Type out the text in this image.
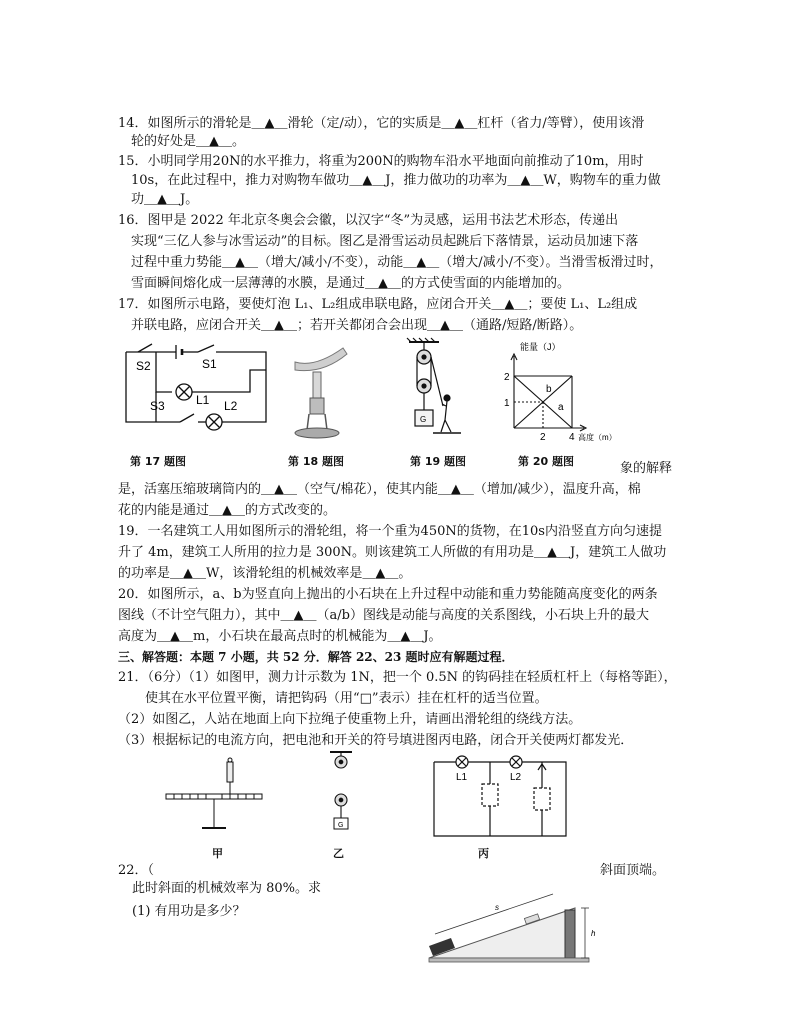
14．如图所示的滑轮是＿▲＿滑轮（定/动），它的实质是＿▲＿杠杆（省力/等臂），使用该滑
轮的好处是＿▲＿。
15．小明同学用20N的水平推力，将重为200N的购物车沿水平地面向前推动了10m，用时
10s，在此过程中，推力对购物车做功＿▲＿J，推力做功的功率为＿▲＿W，购物车的重力做
功＿▲＿J。
16．图甲是 2022 年北京冬奥会会徽，以汉字“冬”为灵感，运用书法艺术形态，传递出
实现“三亿人参与冰雪运动”的目标。图乙是滑雪运动员起跳后下落情景，运动员加速下落
过程中重力势能＿▲＿（增大/减小/不变），动能＿▲＿（增大/减小/不变）。当滑雪板滑过时，
雪面瞬间熔化成一层薄薄的水膜，是通过＿▲＿的方式使雪面的内能增加的。
17．如图所示电路，要使灯泡 L₁、L₂组成串联电路，应闭合开关＿▲＿；要使 L₁、L₂组成
并联电路，应闭合开关＿▲＿；若开关都闭合会出现＿▲＿（通路/短路/断路）。
S2	S1
S3	L1 L2
G
能量（J）
2
1
2 4 高度（m）
b
a
第 17 题图	第 18 题图	第 19 题图	第 20 题图	象的解释
是，活塞压缩玻璃筒内的＿▲＿（空气/棉花），使其内能＿▲＿（增加/减少），温度升高，棉
花的内能是通过＿▲＿的方式改变的。
19．一名建筑工人用如图所示的滑轮组，将一个重为450N的货物，在10s内沿竖直方向匀速提
升了 4m，建筑工人所用的拉力是 300N。则该建筑工人所做的有用功是＿▲＿J，建筑工人做功
的功率是＿▲＿W，该滑轮组的机械效率是＿▲＿。
20．如图所示，a、b为竖直向上抛出的小石块在上升过程中动能和重力势能随高度变化的两条
图线（不计空气阻力），其中＿▲＿（a/b）图线是动能与高度的关系图线，小石块上升的最大
高度为＿▲＿m，小石块在最高点时的机械能为＿▲＿J。
三、解答题：本题 7 小题，共 52 分．解答 22、23 题时应有解题过程．
21．（6分）（1）如图甲，测力计示数为 1N，把一个 0.5N 的钩码挂在轻质杠杆上（每格等距），
使其在水平位置平衡，请把钩码（用“□”表示）挂在杠杆的适当位置。
（2）如图乙，人站在地面上向下拉绳子使重物上升，请画出滑轮组的绕线方法。
（3）根据标记的电流方向，把电池和开关的符号填进图丙电路，闭合开关使两灯都发光．
G
L1	L2
甲	乙	丙
22．（	斜面顶端。
此时斜面的机械效率为 80%。求
(1) 有用功是多少？	s
h
